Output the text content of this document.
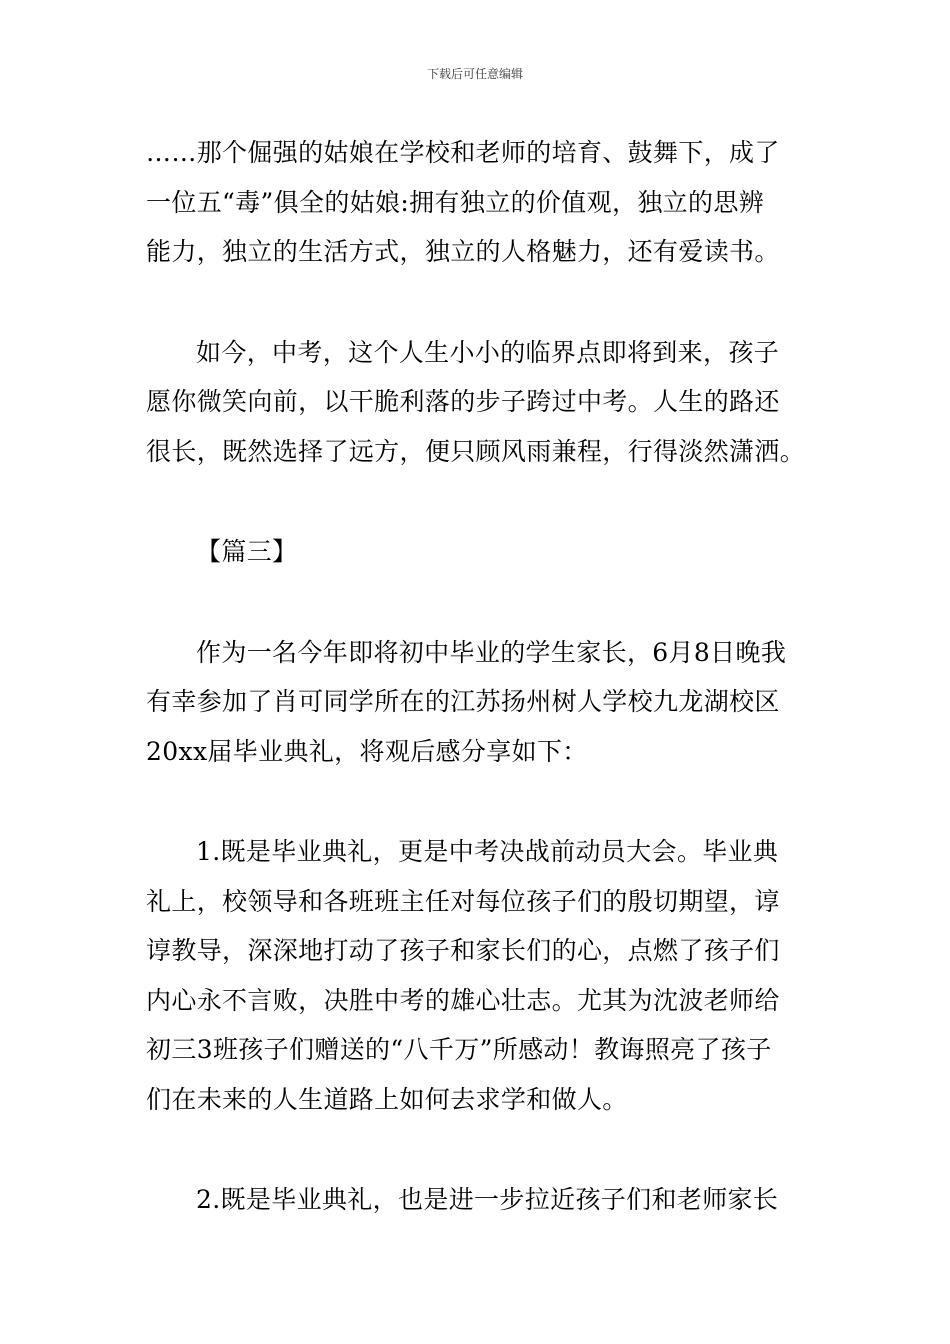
下载后可任意编辑

……那个倔强的姑娘在学校和老师的培育、鼓舞下，成了
一位五“毒”俱全的姑娘:拥有独立的价值观，独立的思辨
能力，独立的生活方式，独立的人格魅力，还有爱读书。

如今，中考，这个人生小小的临界点即将到来，孩子
愿你微笑向前，以干脆利落的步子跨过中考。人生的路还
很长，既然选择了远方，便只顾风雨兼程，行得淡然潇洒。

【篇三】

作为一名今年即将初中毕业的学生家长，6月8日晚我
有幸参加了肖可同学所在的江苏扬州树人学校九龙湖校区
20xx届毕业典礼，将观后感分享如下：

1.既是毕业典礼，更是中考决战前动员大会。毕业典
礼上，校领导和各班班主任对每位孩子们的殷切期望，谆
谆教导，深深地打动了孩子和家长们的心，点燃了孩子们
内心永不言败，决胜中考的雄心壮志。尤其为沈波老师给
初三3班孩子们赠送的“八千万”所感动！教诲照亮了孩子
们在未来的人生道路上如何去求学和做人。

2.既是毕业典礼，也是进一步拉近孩子们和老师家长
